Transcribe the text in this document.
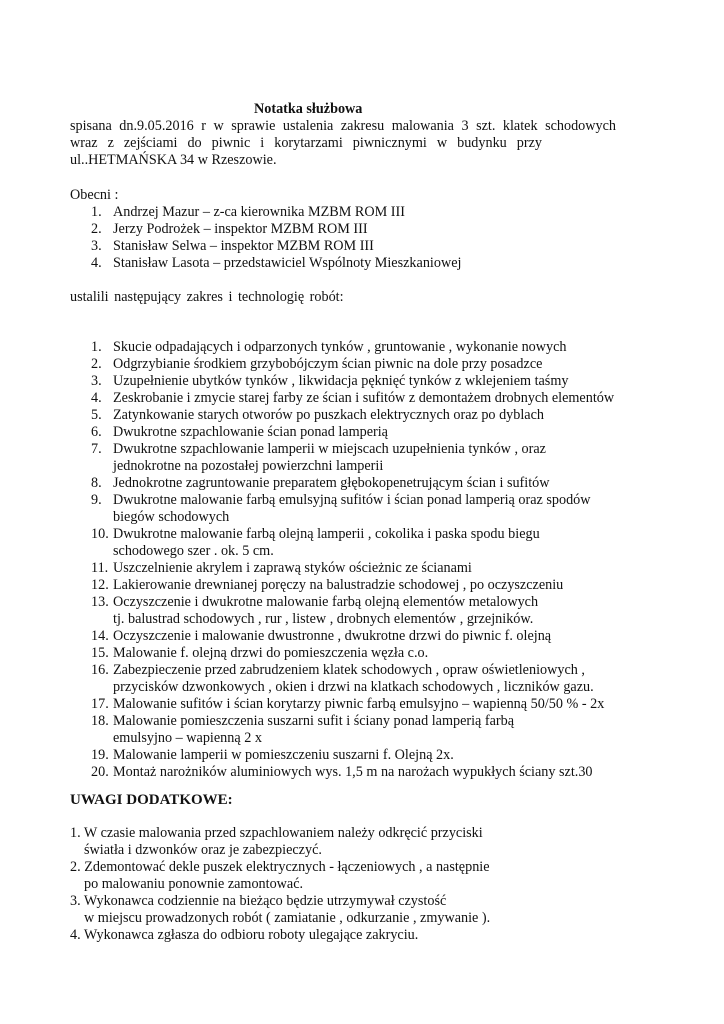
Notatka służbowa
spisana dn.9.05.2016 r w sprawie ustalenia zakresu malowania 3 szt. klatek schodowych
wraz z zejściami do piwnic i korytarzami piwnicznymi w budynku przy
ul..HETMAŃSKA 34 w Rzeszowie.
Obecni :
1. Andrzej Mazur – z-ca kierownika MZBM ROM III
2. Jerzy Podrożek – inspektor MZBM ROM III
3. Stanisław Selwa – inspektor MZBM ROM III
4. Stanisław Lasota – przedstawiciel Wspólnoty Mieszkaniowej
ustalili następujący zakres i technologię robót:
1. Skucie odpadających i odparzonych tynków , gruntowanie , wykonanie nowych
2. Odgrzybianie środkiem grzybobójczym ścian piwnic na dole przy posadzce
3. Uzupełnienie ubytków tynków , likwidacja pęknięć tynków z wklejeniem taśmy
4. Zeskrobanie i zmycie starej farby ze ścian i sufitów z demontażem drobnych elementów
5. Zatynkowanie starych otworów po puszkach elektrycznych oraz po dyblach
6. Dwukrotne szpachlowanie ścian ponad lamperią
7. Dwukrotne szpachlowanie lamperii w miejscach uzupełnienia tynków , oraz
jednokrotne na pozostałej powierzchni lamperii
8. Jednokrotne zagruntowanie preparatem głębokopenetrującym ścian i sufitów
9. Dwukrotne malowanie farbą emulsyjną sufitów i ścian ponad lamperią oraz spodów
biegów schodowych
10. Dwukrotne malowanie farbą olejną lamperii , cokolika i paska spodu biegu
schodowego szer . ok. 5 cm.
11. Uszczelnienie akrylem i zaprawą styków ościeżnic ze ścianami
12. Lakierowanie drewnianej poręczy na balustradzie schodowej , po oczyszczeniu
13. Oczyszczenie i dwukrotne malowanie farbą olejną elementów metalowych
tj. balustrad schodowych , rur , listew , drobnych elementów , grzejników.
14. Oczyszczenie i malowanie dwustronne , dwukrotne drzwi do piwnic f. olejną
15. Malowanie f. olejną drzwi do pomieszczenia węzła c.o.
16. Zabezpieczenie przed zabrudzeniem klatek schodowych , opraw oświetleniowych ,
przycisków dzwonkowych , okien i drzwi na klatkach schodowych , liczników gazu.
17. Malowanie sufitów i ścian korytarzy piwnic farbą emulsyjno – wapienną 50/50 % - 2x
18. Malowanie pomieszczenia suszarni sufit i ściany ponad lamperią farbą
emulsyjno – wapienną 2 x
19. Malowanie lamperii w pomieszczeniu suszarni f. Olejną 2x.
20. Montaż narożników aluminiowych wys. 1,5 m na narożach wypukłych ściany szt.30
UWAGI DODATKOWE:
1. W czasie malowania przed szpachlowaniem należy odkręcić przyciski
światła i dzwonków oraz je zabezpieczyć.
2. Zdemontować dekle puszek elektrycznych - łączeniowych , a następnie
po malowaniu ponownie zamontować.
3. Wykonawca codziennie na bieżąco będzie utrzymywał czystość
w miejscu prowadzonych robót ( zamiatanie , odkurzanie , zmywanie ).
4. Wykonawca zgłasza do odbioru roboty ulegające zakryciu.
